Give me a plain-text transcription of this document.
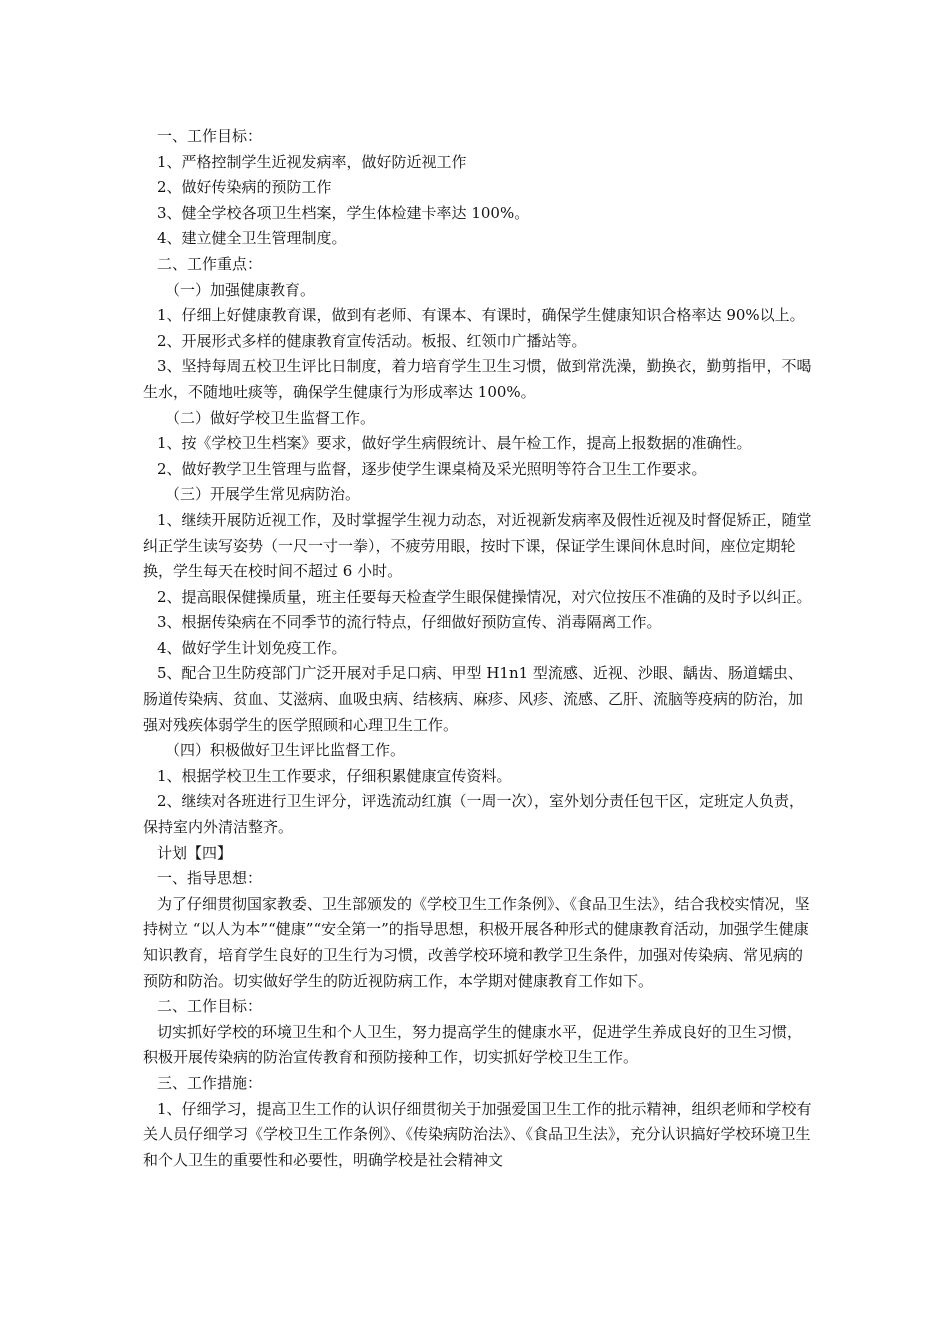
一、工作目标：

1、严格控制学生近视发病率，做好防近视工作

2、做好传染病的预防工作

3、健全学校各项卫生档案，学生体检建卡率达 100%。

4、建立健全卫生管理制度。

二、工作重点：

（一）加强健康教育。

1、仔细上好健康教育课，做到有老师、有课本、有课时，确保学生健康知识合格率达 90%以上。

2、开展形式多样的健康教育宣传活动。板报、红领巾广播站等。

3、坚持每周五校卫生评比日制度，着力培育学生卫生习惯，做到常洗澡，勤换衣，勤剪指甲，不喝生水，不随地吐痰等，确保学生健康行为形成率达 100%。

（二）做好学校卫生监督工作。

1、按《学校卫生档案》要求，做好学生病假统计、晨午检工作，提高上报数据的准确性。

2、做好教学卫生管理与监督，逐步使学生课桌椅及采光照明等符合卫生工作要求。

（三）开展学生常见病防治。

1、继续开展防近视工作，及时掌握学生视力动态，对近视新发病率及假性近视及时督促矫正，随堂纠正学生读写姿势（一尺一寸一拳），不疲劳用眼，按时下课，保证学生课间休息时间，座位定期轮换，学生每天在校时间不超过 6 小时。

2、提高眼保健操质量，班主任要每天检查学生眼保健操情况，对穴位按压不准确的及时予以纠正。

3、根据传染病在不同季节的流行特点，仔细做好预防宣传、消毒隔离工作。

4、做好学生计划免疫工作。

5、配合卫生防疫部门广泛开展对手足口病、甲型 H1n1 型流感、近视、沙眼、龋齿、肠道蠕虫、肠道传染病、贫血、艾滋病、血吸虫病、结核病、麻疹、风疹、流感、乙肝、流脑等疫病的防治，加强对残疾体弱学生的医学照顾和心理卫生工作。

（四）积极做好卫生评比监督工作。

1、根据学校卫生工作要求，仔细积累健康宣传资料。

2、继续对各班进行卫生评分，评选流动红旗（一周一次），室外划分责任包干区，定班定人负责，保持室内外清洁整齐。

计划【四】

一、指导思想：

为了仔细贯彻国家教委、卫生部颁发的《学校卫生工作条例》、《食品卫生法》，结合我校实情况，坚持树立 “以人为本”“健康”“安全第一”的指导思想，积极开展各种形式的健康教育活动，加强学生健康知识教育，培育学生良好的卫生行为习惯，改善学校环境和教学卫生条件，加强对传染病、常见病的预防和防治。切实做好学生的防近视防病工作，本学期对健康教育工作如下。

二、工作目标：

切实抓好学校的环境卫生和个人卫生，努力提高学生的健康水平，促进学生养成良好的卫生习惯，积极开展传染病的防治宣传教育和预防接种工作，切实抓好学校卫生工作。

三、工作措施：

1、仔细学习，提高卫生工作的认识仔细贯彻关于加强爱国卫生工作的批示精神，组织老师和学校有关人员仔细学习《学校卫生工作条例》、《传染病防治法》、《食品卫生法》，充分认识搞好学校环境卫生和个人卫生的重要性和必要性，明确学校是社会精神文
